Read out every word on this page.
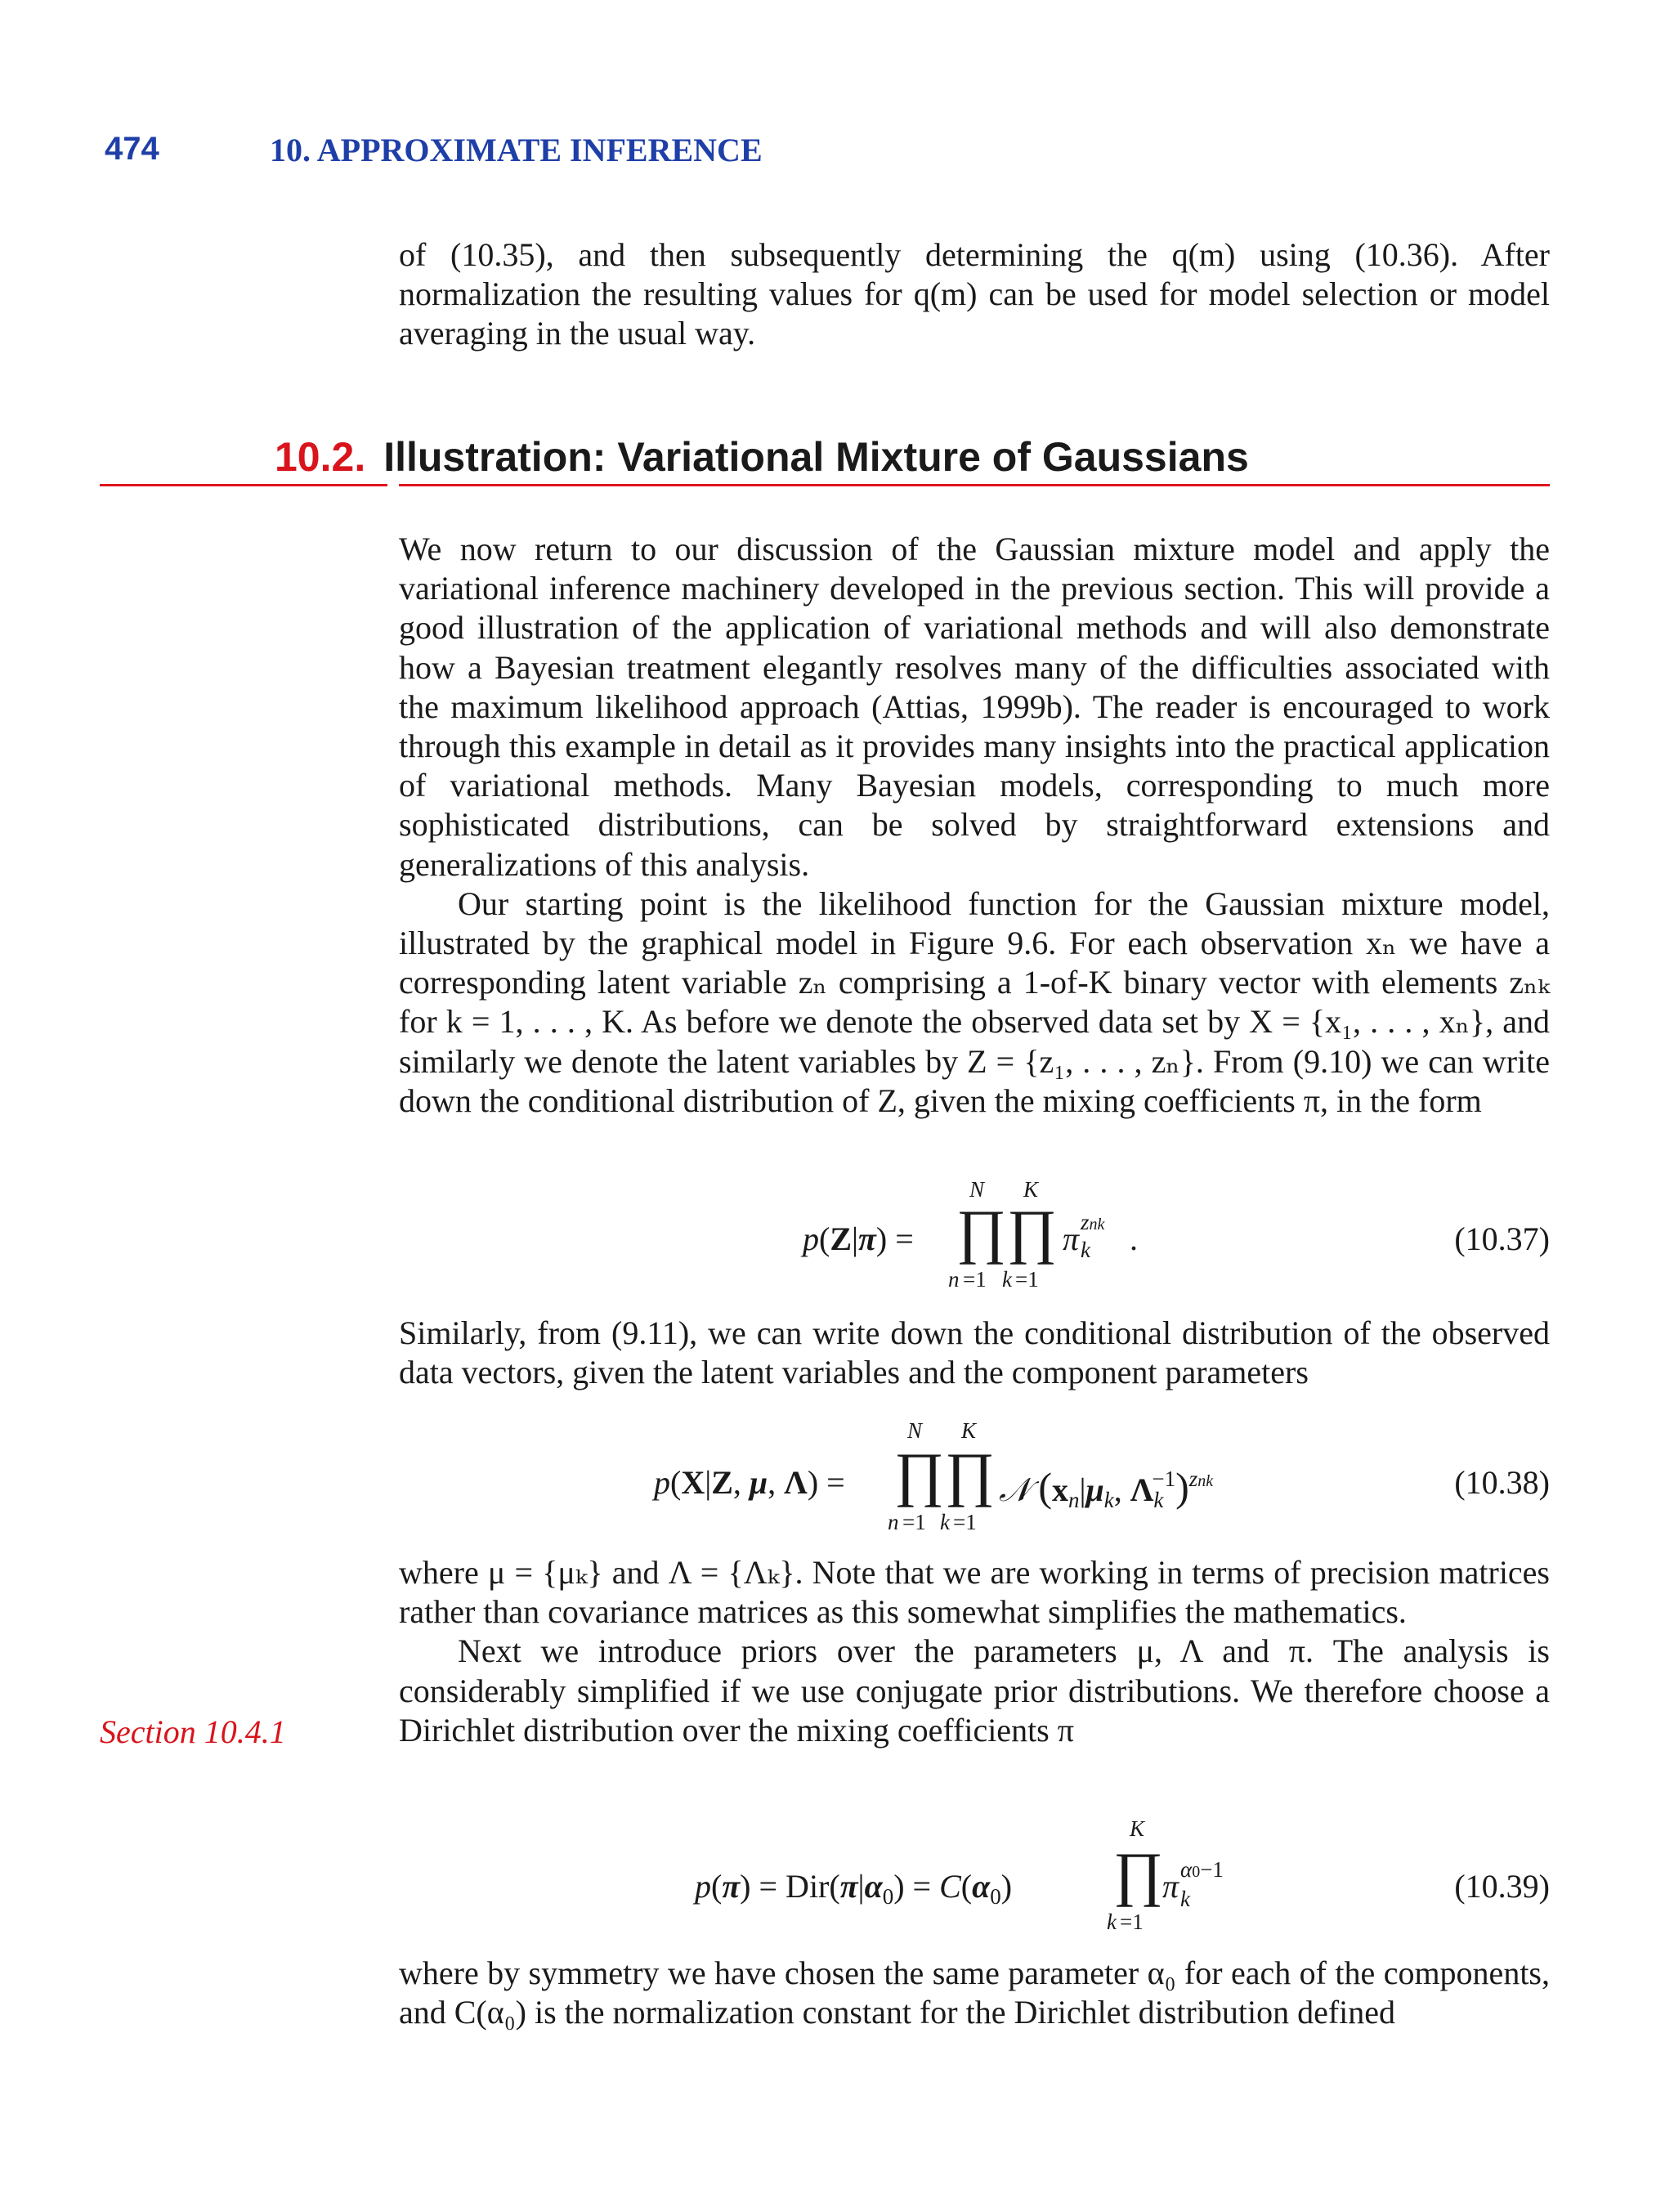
474	10. APPROXIMATE INFERENCE

of (10.35), and then subsequently determining the q(m) using (10.36). After normalization the resulting values for q(m) can be used for model selection or model averaging in the usual way.

10.2. Illustration: Variational Mixture of Gaussians

We now return to our discussion of the Gaussian mixture model and apply the variational inference machinery developed in the previous section. This will provide a good illustration of the application of variational methods and will also demonstrate how a Bayesian treatment elegantly resolves many of the difficulties associated with the maximum likelihood approach (Attias, 1999b). The reader is encouraged to work through this example in detail as it provides many insights into the practical application of variational methods. Many Bayesian models, corresponding to much more sophisticated distributions, can be solved by straightforward extensions and generalizations of this analysis.

Our starting point is the likelihood function for the Gaussian mixture model, illustrated by the graphical model in Figure 9.6. For each observation xₙ we have a corresponding latent variable zₙ comprising a 1-of-K binary vector with elements zₙₖ for k = 1, . . . , K. As before we denote the observed data set by X = {x₁, . . . , xₙ}, and similarly we denote the latent variables by Z = {z₁, . . . , zₙ}. From (9.10) we can write down the conditional distribution of Z, given the mixing coefficients π, in the form

p(Z|π) =
N K
∏ ∏
n =1 k =1
π k
znk .	(10.37)

Similarly, from (9.11), we can write down the conditional distribution of the observed data vectors, given the latent variables and the component parameters

p(X|Z, μ, Λ) =
N K
∏ ∏
n =1 k =1
𝒩 ($x_n|\mu_k$, $\Lambda_k^{-1})^{znk}$	(10.38)

where μ = {μₖ} and Λ = {Λₖ}. Note that we are working in terms of precision matrices rather than covariance matrices as this somewhat simplifies the mathematics.

Next we introduce priors over the parameters μ, Λ and π. The analysis is considerably simplified if we use conjugate prior distributions. We therefore choose a Dirichlet distribution over the mixing coefficients π

Section 10.4.1
$p(\pi) = Dir(\pi|\alpha_0) = C(\alpha_0)$
K
∏
k =1
π k
α0−1	(10.39)

where by symmetry we have chosen the same parameter α₀ for each of the components, and C(α₀) is the normalization constant for the Dirichlet distribution defined
